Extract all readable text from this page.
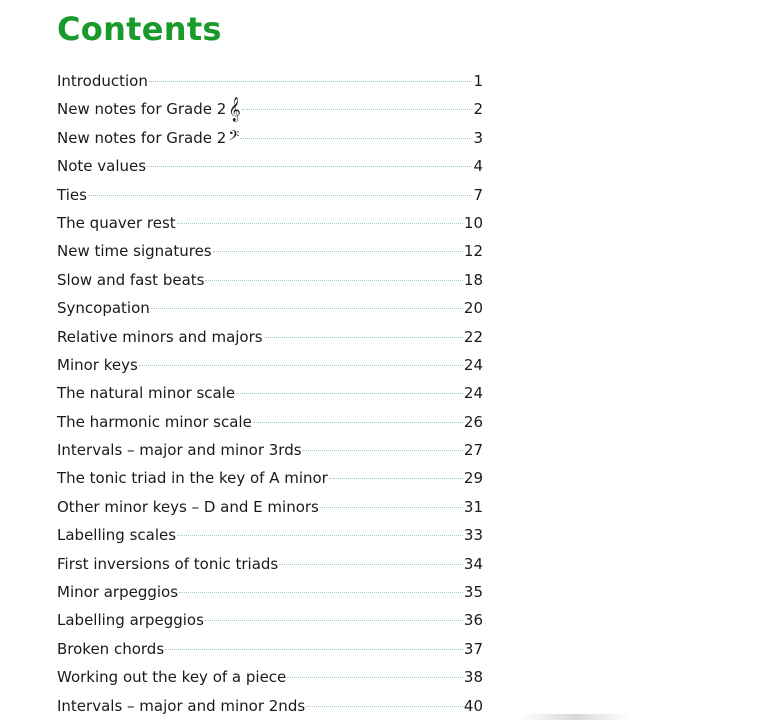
Contents
Introduction	1
New notes for Grade 2 𝄞	2
New notes for Grade 2 𝄢	3
Note values	4
Ties	7
The quaver rest	10
New time signatures	12
Slow and fast beats	18
Syncopation	20
Relative minors and majors	22
Minor keys	24
The natural minor scale	24
The harmonic minor scale	26
Intervals – major and minor 3rds	27
The tonic triad in the key of A minor	29
Other minor keys – D and E minors	31
Labelling scales	33
First inversions of tonic triads	34
Minor arpeggios	35
Labelling arpeggios	36
Broken chords	37
Working out the key of a piece	38
Intervals – major and minor 2nds	40
